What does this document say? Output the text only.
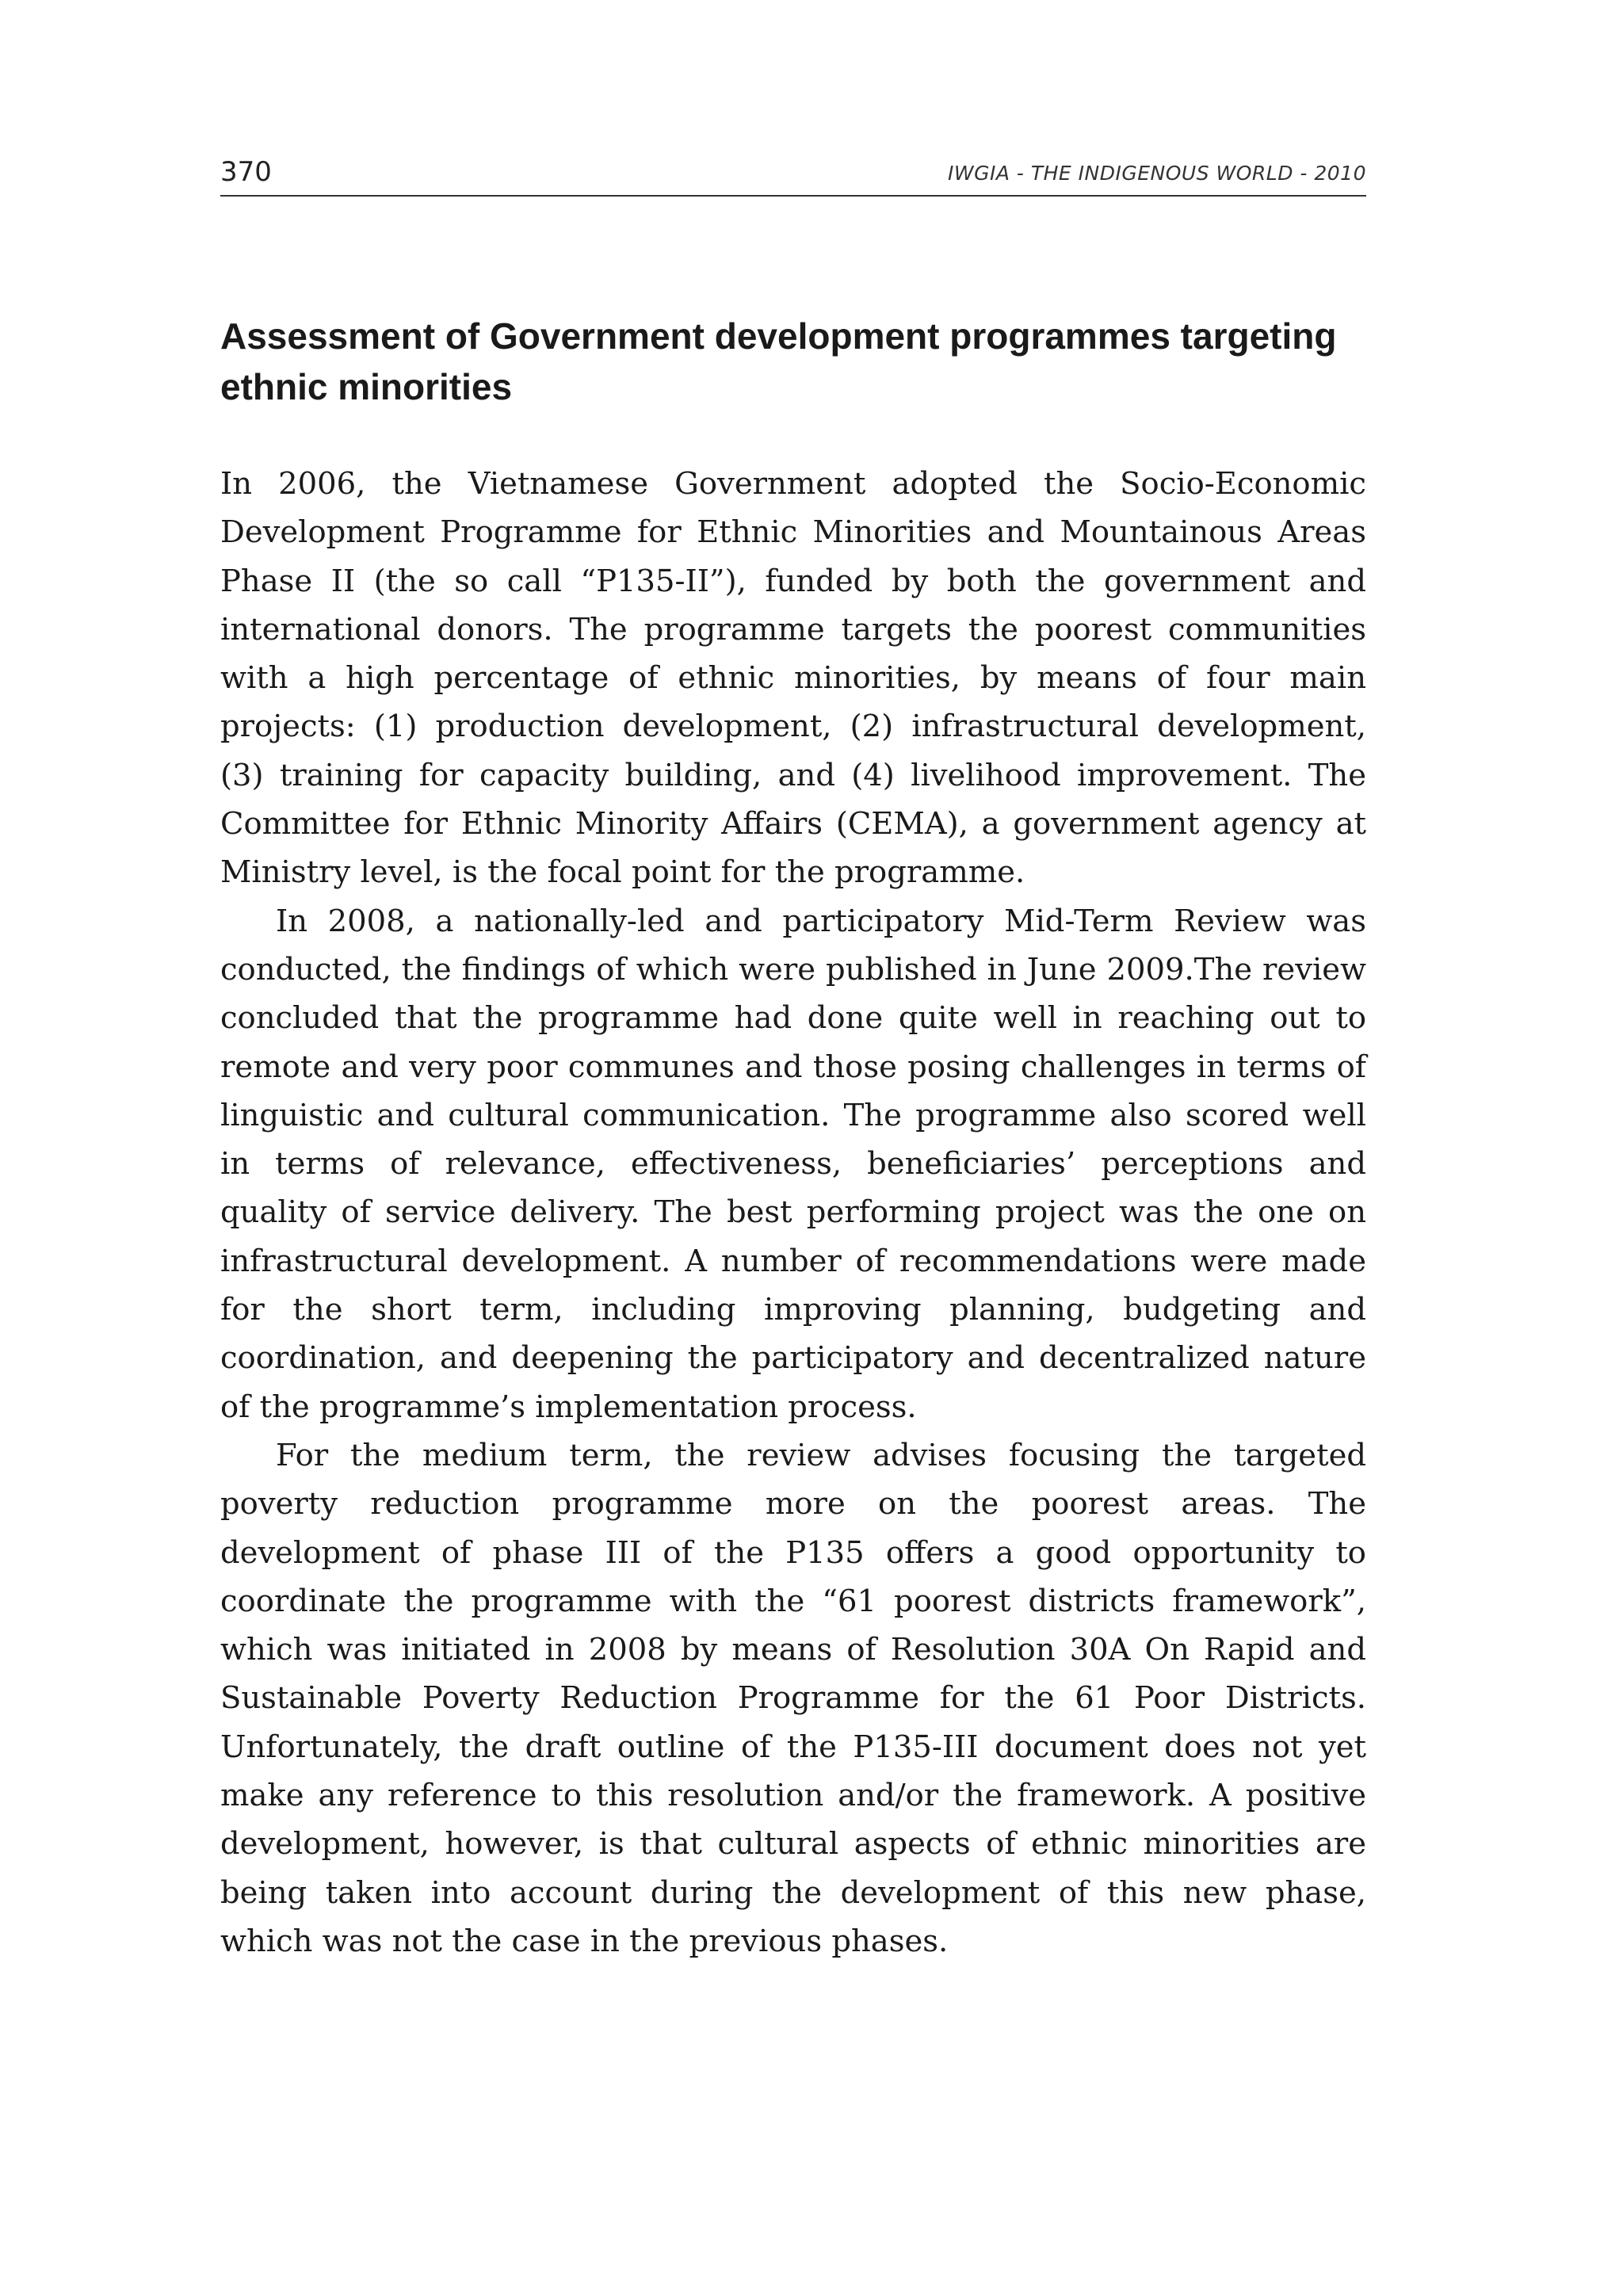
370	IWGIA - THE INDIGENOUS WORLD - 2010
Assessment of Government development programmes targeting ethnic minorities

In 2006, the Vietnamese Government adopted the Socio-Economic Development Programme for Ethnic Minorities and Mountainous Areas Phase II (the so call “P135-II”), funded by both the government and international donors. The programme targets the poorest communities with a high percentage of ethnic minorities, by means of four main projects: (1) production development, (2) infrastructural development, (3) training for capacity building, and (4) livelihood improvement. The Committee for Ethnic Minority Affairs (CEMA), a government agency at Ministry level, is the focal point for the programme.

In 2008, a nationally-led and participatory Mid-Term Review was conducted, the findings of which were published in June 2009.The review concluded that the programme had done quite well in reaching out to remote and very poor communes and those posing challenges in terms of linguistic and cultural communication. The programme also scored well in terms of relevance, effectiveness, beneficiaries’ perceptions and quality of service delivery. The best performing project was the one on infrastructural development. A number of recommendations were made for the short term, including improving planning, budgeting and coordination, and deepening the participatory and decentralized nature of the programme’s implementation process.

For the medium term, the review advises focusing the targeted poverty reduction programme more on the poorest areas. The development of phase III of the P135 offers a good opportunity to coordinate the programme with the “61 poorest districts framework”, which was initiated in 2008 by means of Resolution 30A On Rapid and Sustainable Poverty Reduction Programme for the 61 Poor Districts. Unfortunately, the draft outline of the P135-III document does not yet make any reference to this resolution and/or the framework. A positive development, however, is that cultural aspects of ethnic minorities are being taken into account during the development of this new phase, which was not the case in the previous phases.
